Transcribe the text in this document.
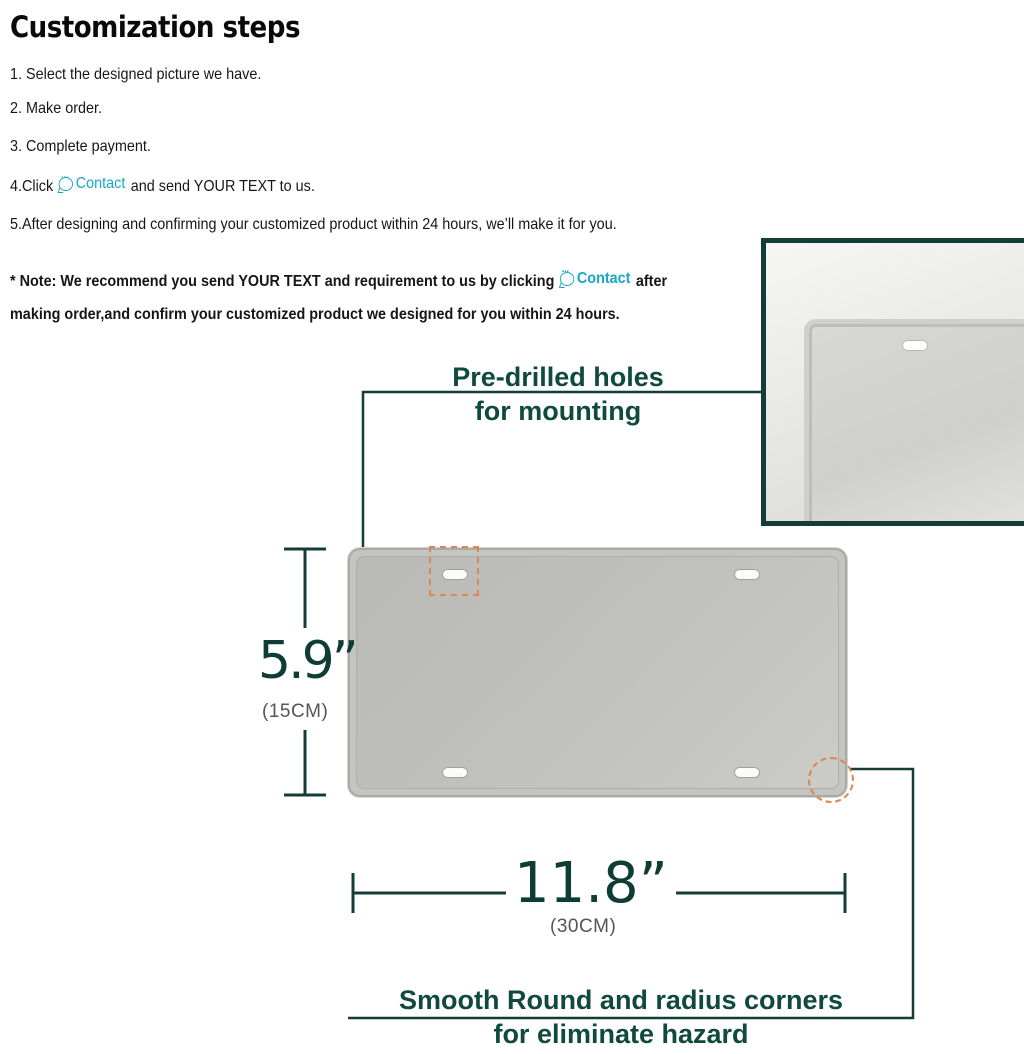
Customization steps
1. Select the designed picture we have.
2. Make order.
3. Complete payment.
4.Click ··· Contact and send YOUR TEXT to us.
5.After designing and confirming your customized product within 24 hours, we’ll make it for you.
* Note: We recommend you send YOUR TEXT and requirement to us by clicking ··· Contact after
making order,and confirm your customized product we designed for you within 24 hours.
Pre-drilled holes
for mounting
5.9”
(15CM)
11.8”
(30CM)
Smooth Round and radius corners
for eliminate hazard
